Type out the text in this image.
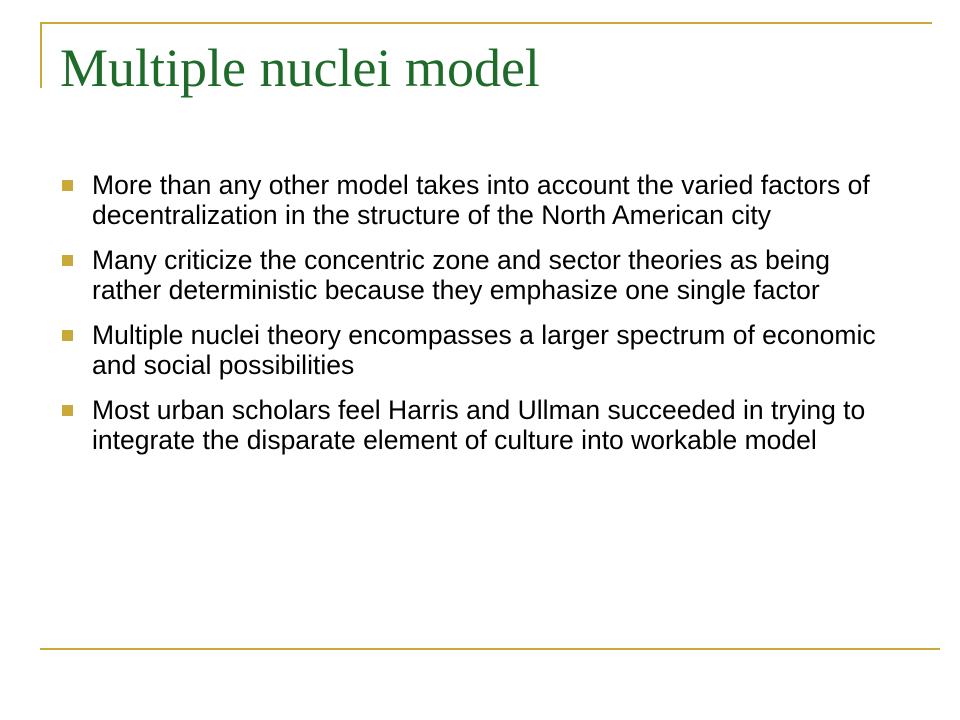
Multiple nuclei model
More than any other model takes into account the varied factors of decentralization in the structure of the North American city
Many criticize the concentric zone and sector theories as being rather deterministic because they emphasize one single factor
Multiple nuclei theory encompasses a larger spectrum of economic and social possibilities
Most urban scholars feel Harris and Ullman succeeded in trying to integrate the disparate element of culture into workable model
